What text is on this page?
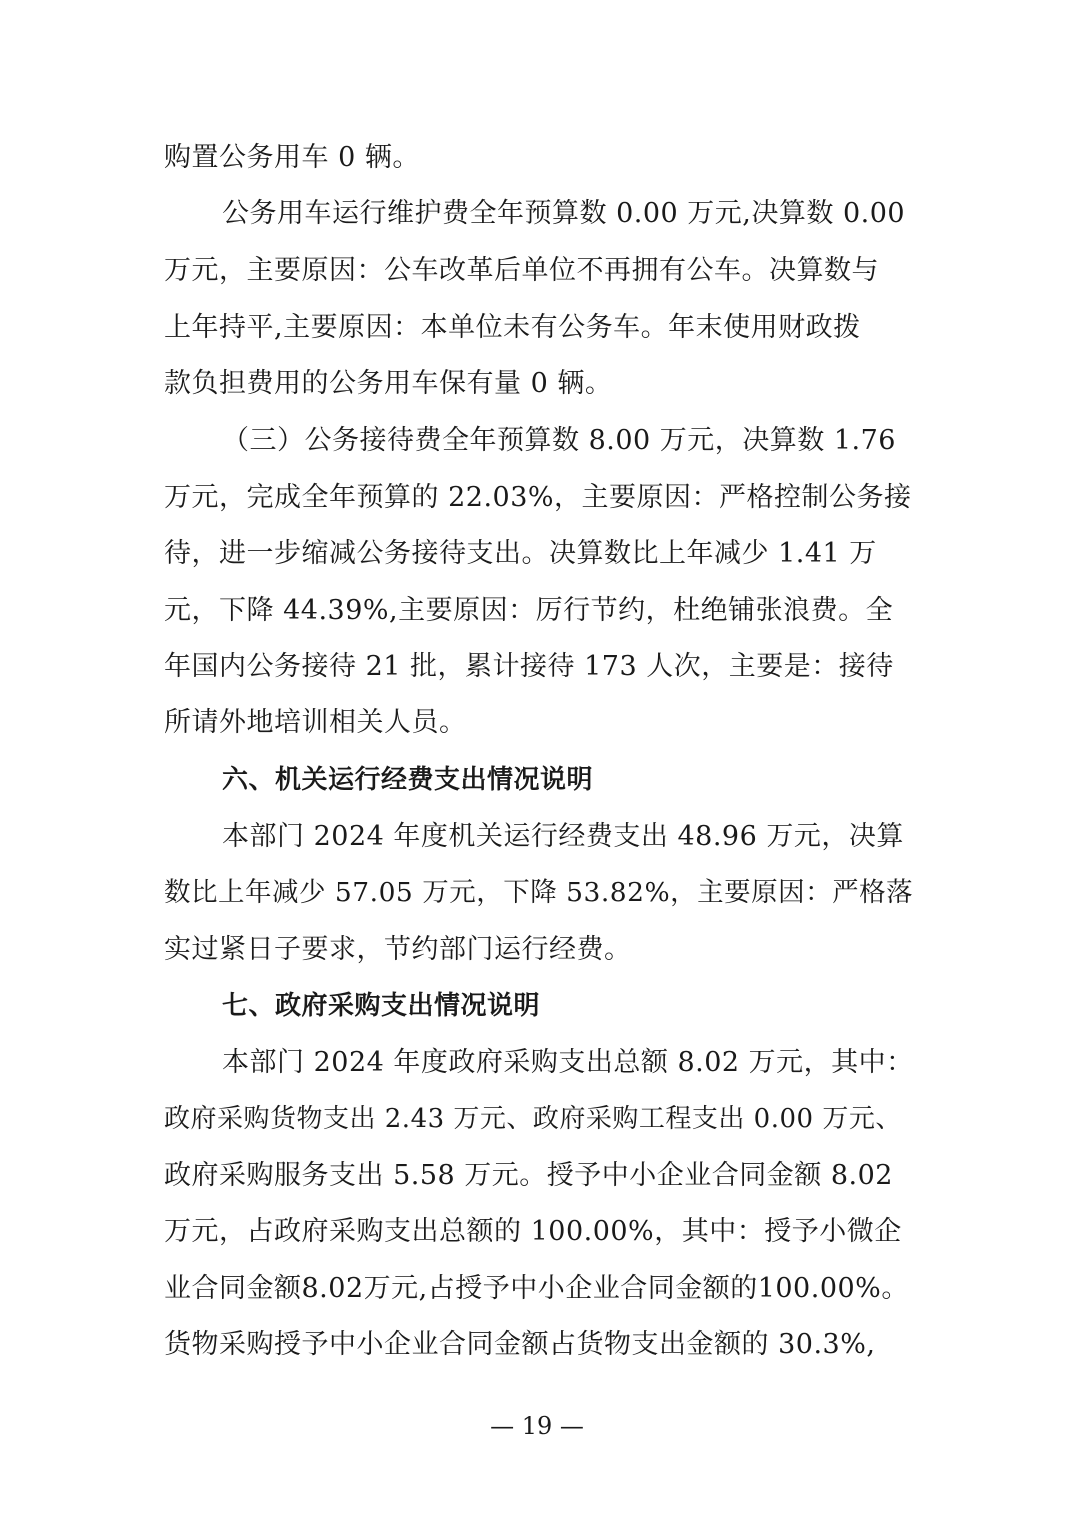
购置公务用车 0 辆。
公务用车运行维护费全年预算数 0.00 万元,决算数 0.00
万元，主要原因：公车改革后单位不再拥有公车。决算数与
上年持平,主要原因：本单位未有公务车。年末使用财政拨
款负担费用的公务用车保有量 0 辆。
（三）公务接待费全年预算数 8.00 万元，决算数 1.76
万元，完成全年预算的 22.03%，主要原因：严格控制公务接
待，进一步缩减公务接待支出。决算数比上年减少 1.41 万
元，下降 44.39%,主要原因：厉行节约，杜绝铺张浪费。全
年国内公务接待 21 批，累计接待 173 人次，主要是：接待
所请外地培训相关人员。
六、机关运行经费支出情况说明
本部门 2024 年度机关运行经费支出 48.96 万元，决算
数比上年减少 57.05 万元，下降 53.82%，主要原因：严格落
实过紧日子要求，节约部门运行经费。
七、政府采购支出情况说明
本部门 2024 年度政府采购支出总额 8.02 万元，其中：
政府采购货物支出 2.43 万元、政府采购工程支出 0.00 万元、
政府采购服务支出 5.58 万元。授予中小企业合同金额 8.02
万元，占政府采购支出总额的 100.00%，其中：授予小微企
业合同金额8.02万元,占授予中小企业合同金额的100.00%。
货物采购授予中小企业合同金额占货物支出金额的 30.3%,
— 19 —
